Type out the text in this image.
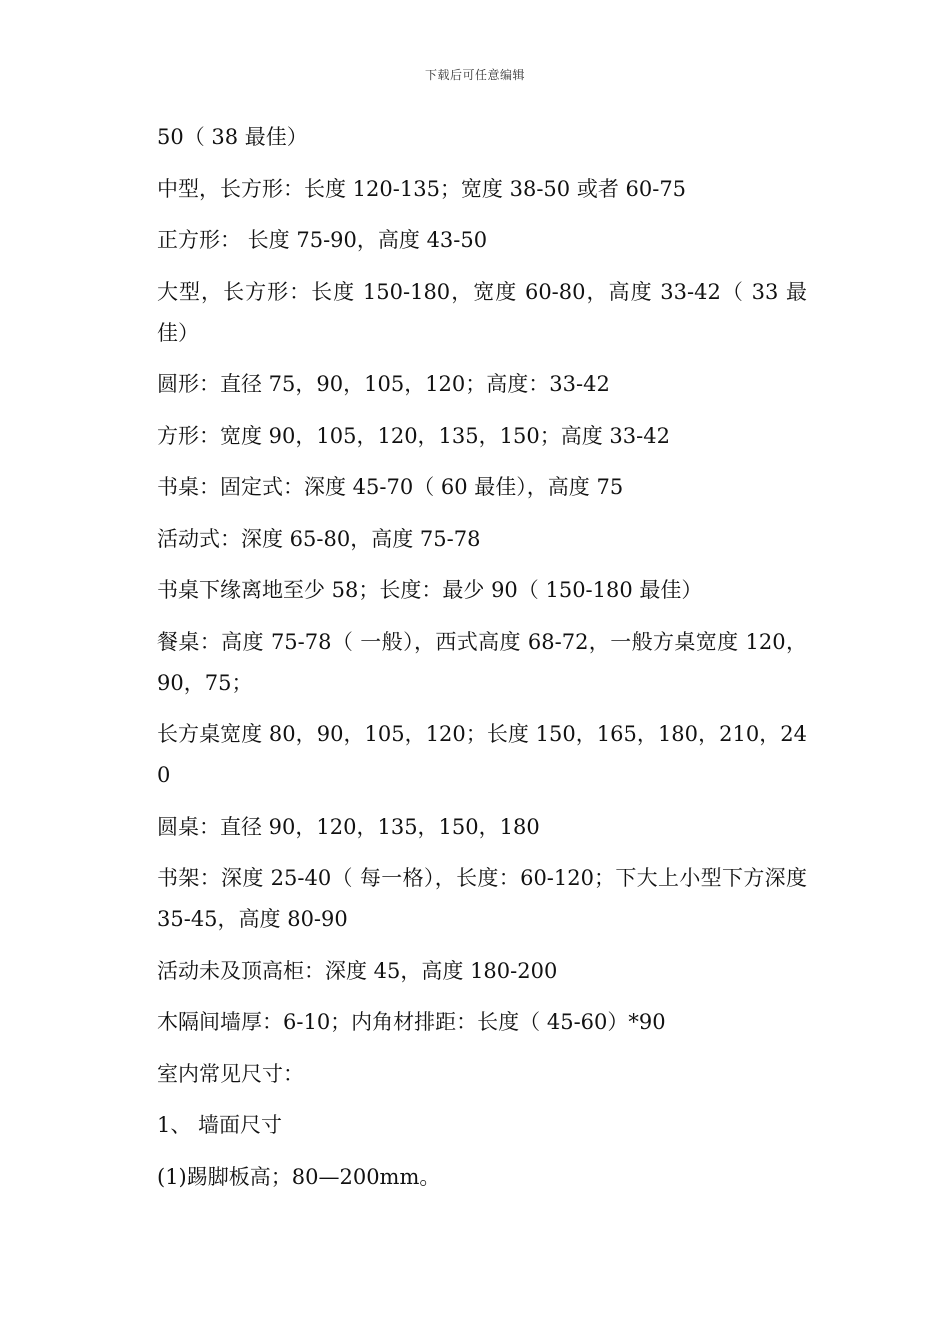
下载后可任意编辑

50（ 38 最佳）

中型，长方形：长度 120-135；宽度 38-50 或者 60-75

正方形： 长度 75-90，高度 43-50

大型，长方形：长度 150-180，宽度 60-80，高度 33-42（ 33 最佳）

圆形：直径 75，90，105，120；高度：33-42

方形：宽度 90，105，120，135，150；高度 33-42

书桌：固定式：深度 45-70（ 60 最佳），高度 75

活动式：深度 65-80，高度 75-78

书桌下缘离地至少 58；长度：最少 90（ 150-180 最佳）

餐桌：高度 75-78（ 一般），西式高度 68-72，一般方桌宽度 120，90，75；

长方桌宽度 80，90，105，120；长度 150，165，180，210，240

圆桌：直径 90，120，135，150，180

书架：深度 25-40（ 每一格），长度：60-120；下大上小型下方深度 35-45，高度 80-90

活动未及顶高柜：深度 45，高度 180-200

木隔间墙厚：6-10；内角材排距：长度（ 45-60）*90

室内常见尺寸：

1、 墙面尺寸

(1)踢脚板高；80—200mm。
